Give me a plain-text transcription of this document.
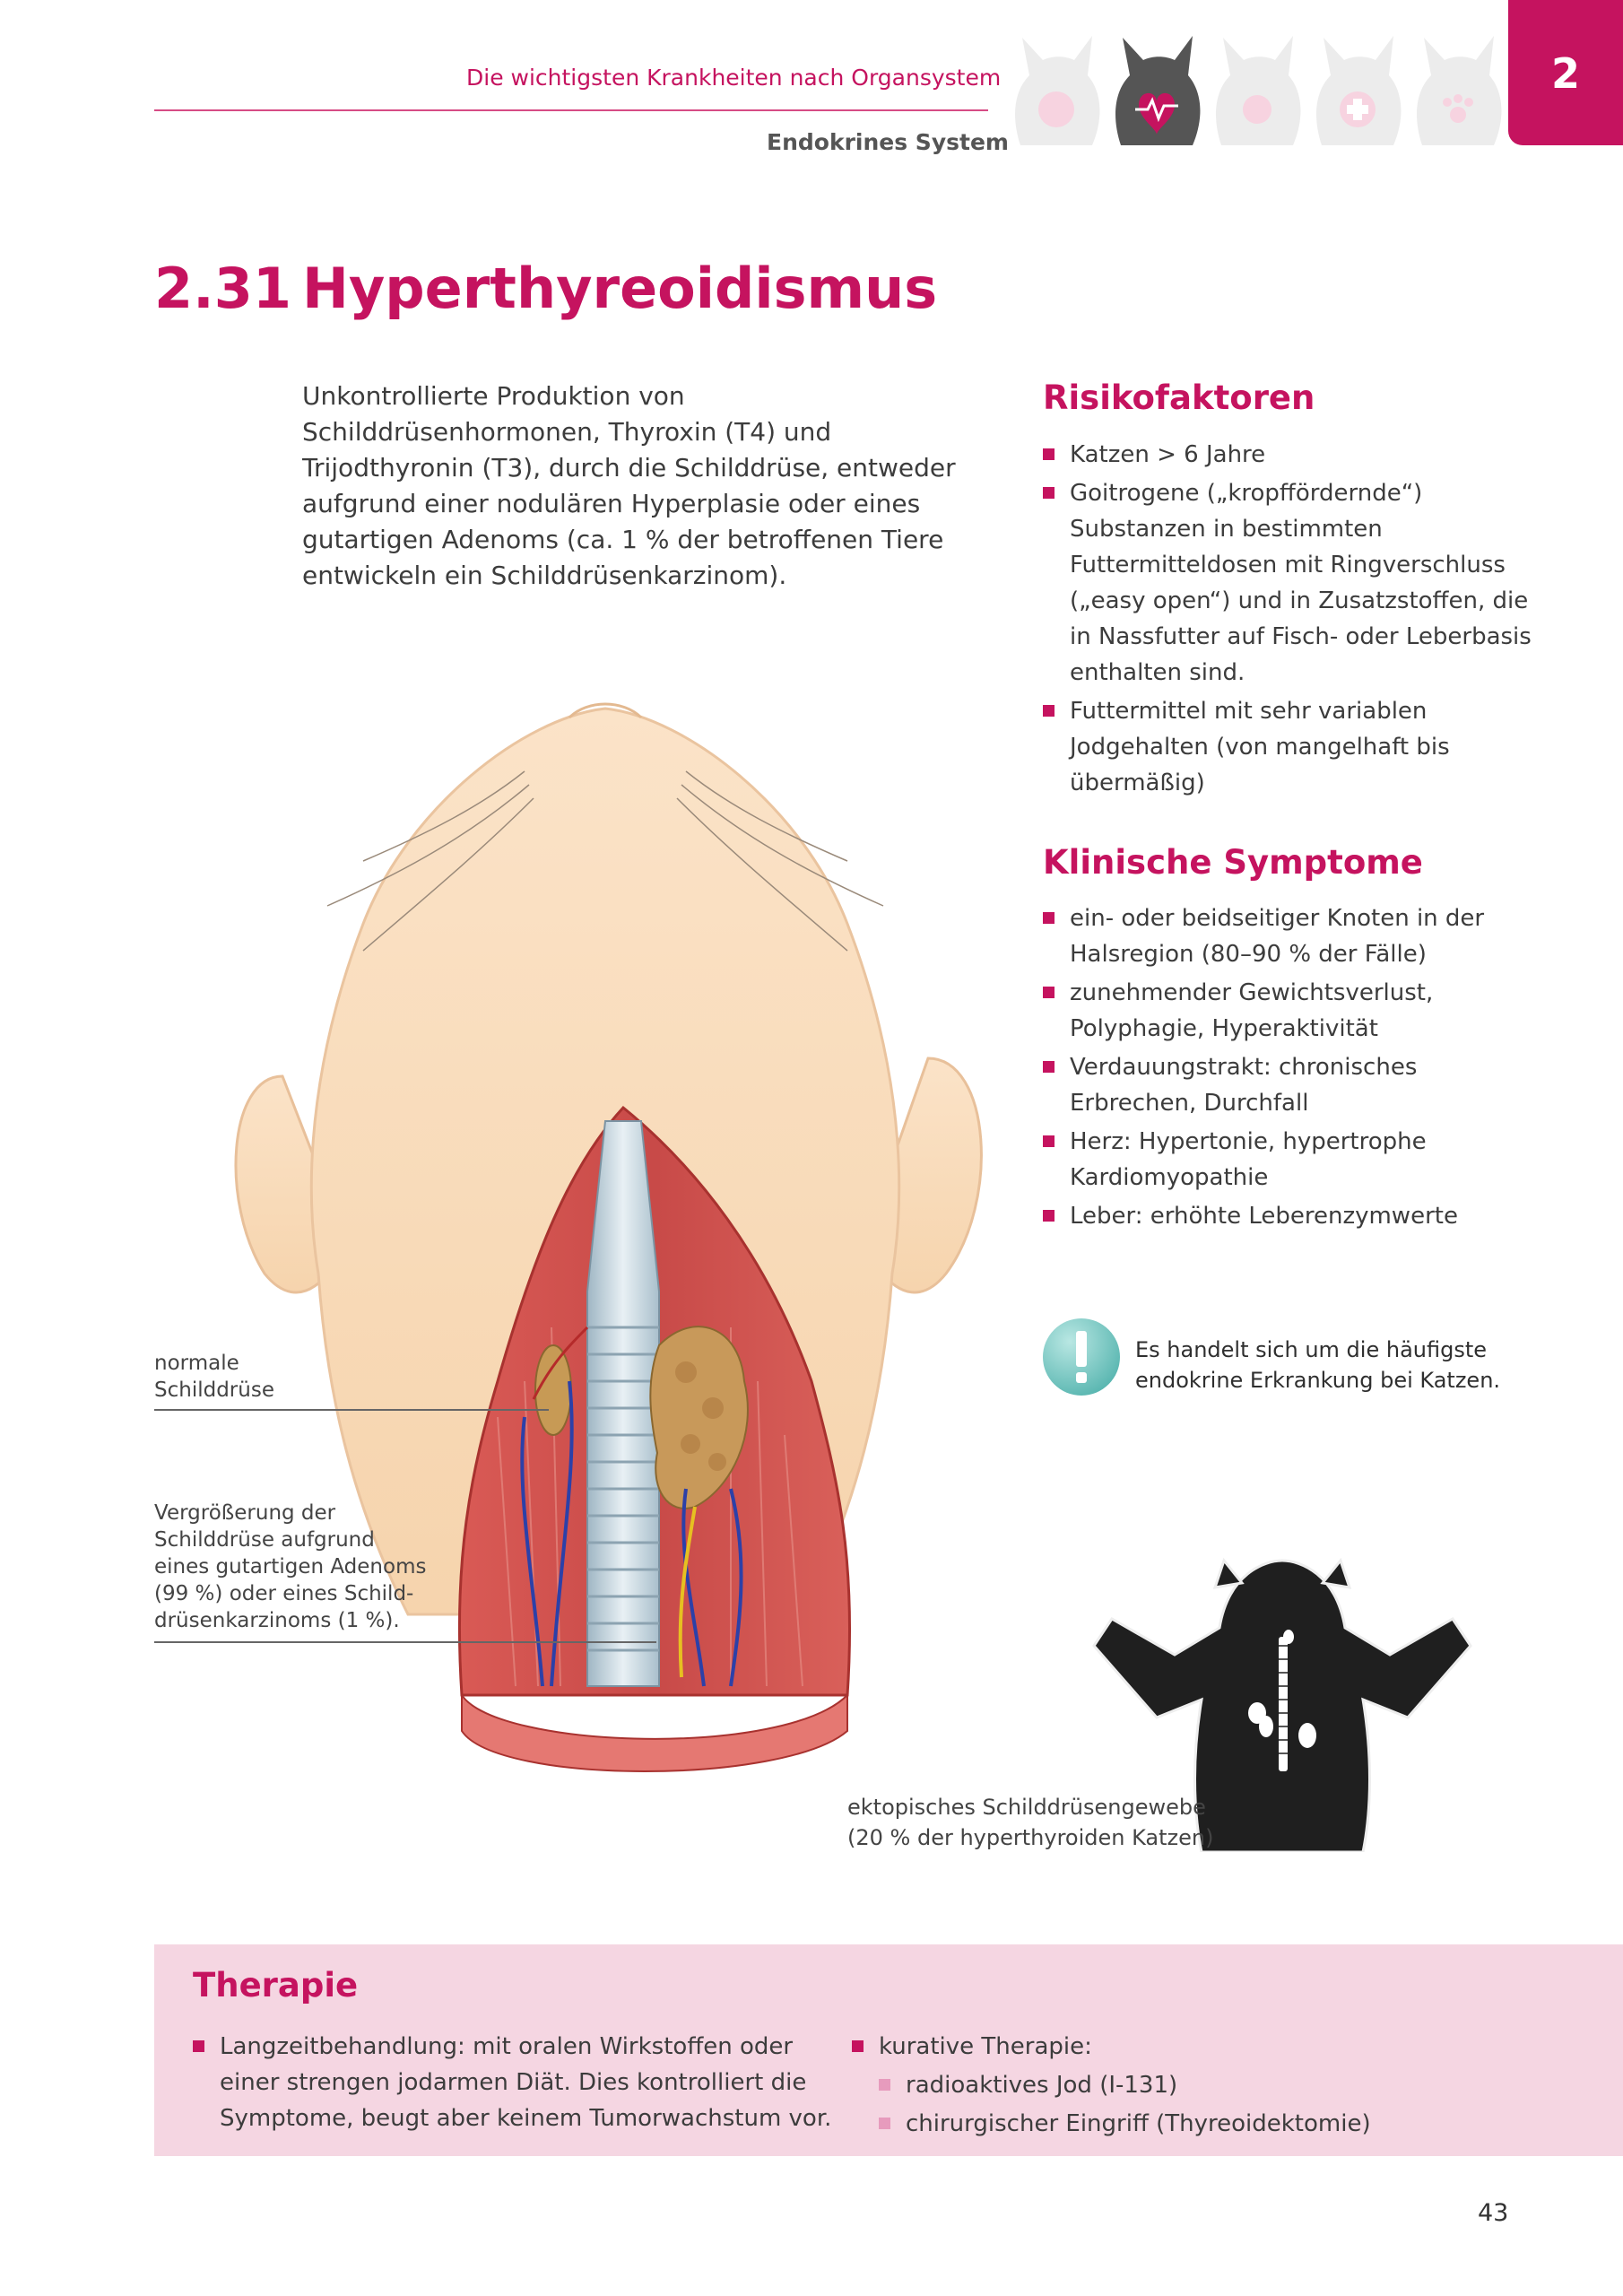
Die wichtigsten Krankheiten nach Organsystem
Endokrines System
2
2.31 Hyperthyreoidismus
Unkontrollierte Produktion von Schilddrüsenhormonen, Thyroxin (T4) und Trijodthyronin (T3), durch die Schilddrüse, entweder aufgrund einer nodulären Hyperplasie oder eines gutartigen Adenoms (ca. 1 % der betroffenen Tiere entwickeln ein Schilddrüsenkarzinom).
Risikofaktoren
Katzen > 6 Jahre
Goitrogene („kropffördernde“) Substanzen in bestimmten Futtermitteldosen mit Ringverschluss („easy open“) und in Zusatzstoffen, die in Nassfutter auf Fisch- oder Leberbasis enthalten sind.
Futtermittel mit sehr variablen Jodgehalten (von mangelhaft bis übermäßig)
Klinische Symptome
ein- oder beidseitiger Knoten in der Halsregion (80–90 % der Fälle)
zunehmender Gewichtsverlust, Polyphagie, Hyperaktivität
Verdauungstrakt: chronisches Erbrechen, Durchfall
Herz: Hypertonie, hypertrophe Kardiomyopathie
Leber: erhöhte Leberenzymwerte
Es handelt sich um die häufigste endokrine Erkrankung bei Katzen.
normale
Schilddrüse
Vergrößerung der
Schilddrüse aufgrund
eines gutartigen Adenoms
(99 %) oder eines Schild-
drüsenkarzinoms (1 %).
ektopisches Schilddrüsengewebe
(20 % der hyperthyroiden Katzen)
Therapie
Langzeitbehandlung: mit oralen Wirkstoffen oder einer strengen jodarmen Diät. Dies kontrolliert die Symptome, beugt aber keinem Tumorwachstum vor.
kurative Therapie:
radioaktives Jod (I-131)
chirurgischer Eingriff (Thyreoidektomie)
43
